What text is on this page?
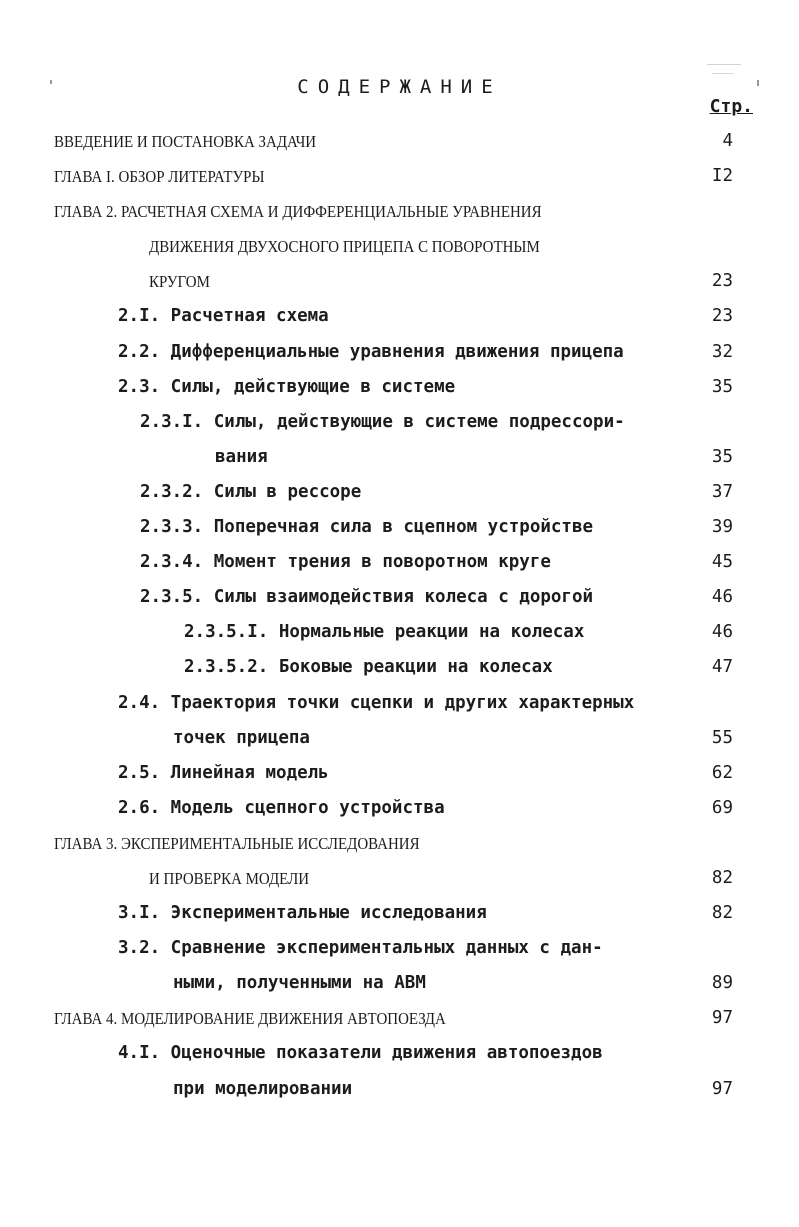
СОДЕРЖАНИЕ
Стр.
ВВЕДЕНИЕ И ПОСТАНОВКА ЗАДАЧИ	4
ГЛАВА I. ОБЗОР ЛИТЕРАТУРЫ	I2
ГЛАВА 2. РАСЧЕТНАЯ СХЕМА И ДИФФЕРЕНЦИАЛЬНЫЕ УРАВНЕНИЯ
ДВИЖЕНИЯ ДВУХОСНОГО ПРИЦЕПА С ПОВОРОТНЫМ
КРУГОМ	23
2.I. Расчетная схема	23
2.2. Дифференциальные уравнения движения прицепа	32
2.3. Силы, действующие в системе	35
2.3.I. Силы, действующие в системе подрессори-
вания	35
2.3.2. Силы в рессоре	37
2.3.3. Поперечная сила в сцепном устройстве	39
2.3.4. Момент трения в поворотном круге	45
2.3.5. Силы взаимодействия колеса с дорогой	46
2.3.5.I. Нормальные реакции на колесах	46
2.3.5.2. Боковые реакции на колесах	47
2.4. Траектория точки сцепки и других характерных
точек прицепа	55
2.5. Линейная модель	62
2.6. Модель сцепного устройства	69
ГЛАВА 3. ЭКСПЕРИМЕНТАЛЬНЫЕ ИССЛЕДОВАНИЯ
И ПРОВЕРКА МОДЕЛИ	82
3.I. Экспериментальные исследования	82
3.2. Сравнение экспериментальных данных с дан-
ными, полученными на АВМ	89
ГЛАВА 4. МОДЕЛИРОВАНИЕ ДВИЖЕНИЯ АВТОПОЕЗДА	97
4.I. Оценочные показатели движения автопоездов
при моделировании	97
